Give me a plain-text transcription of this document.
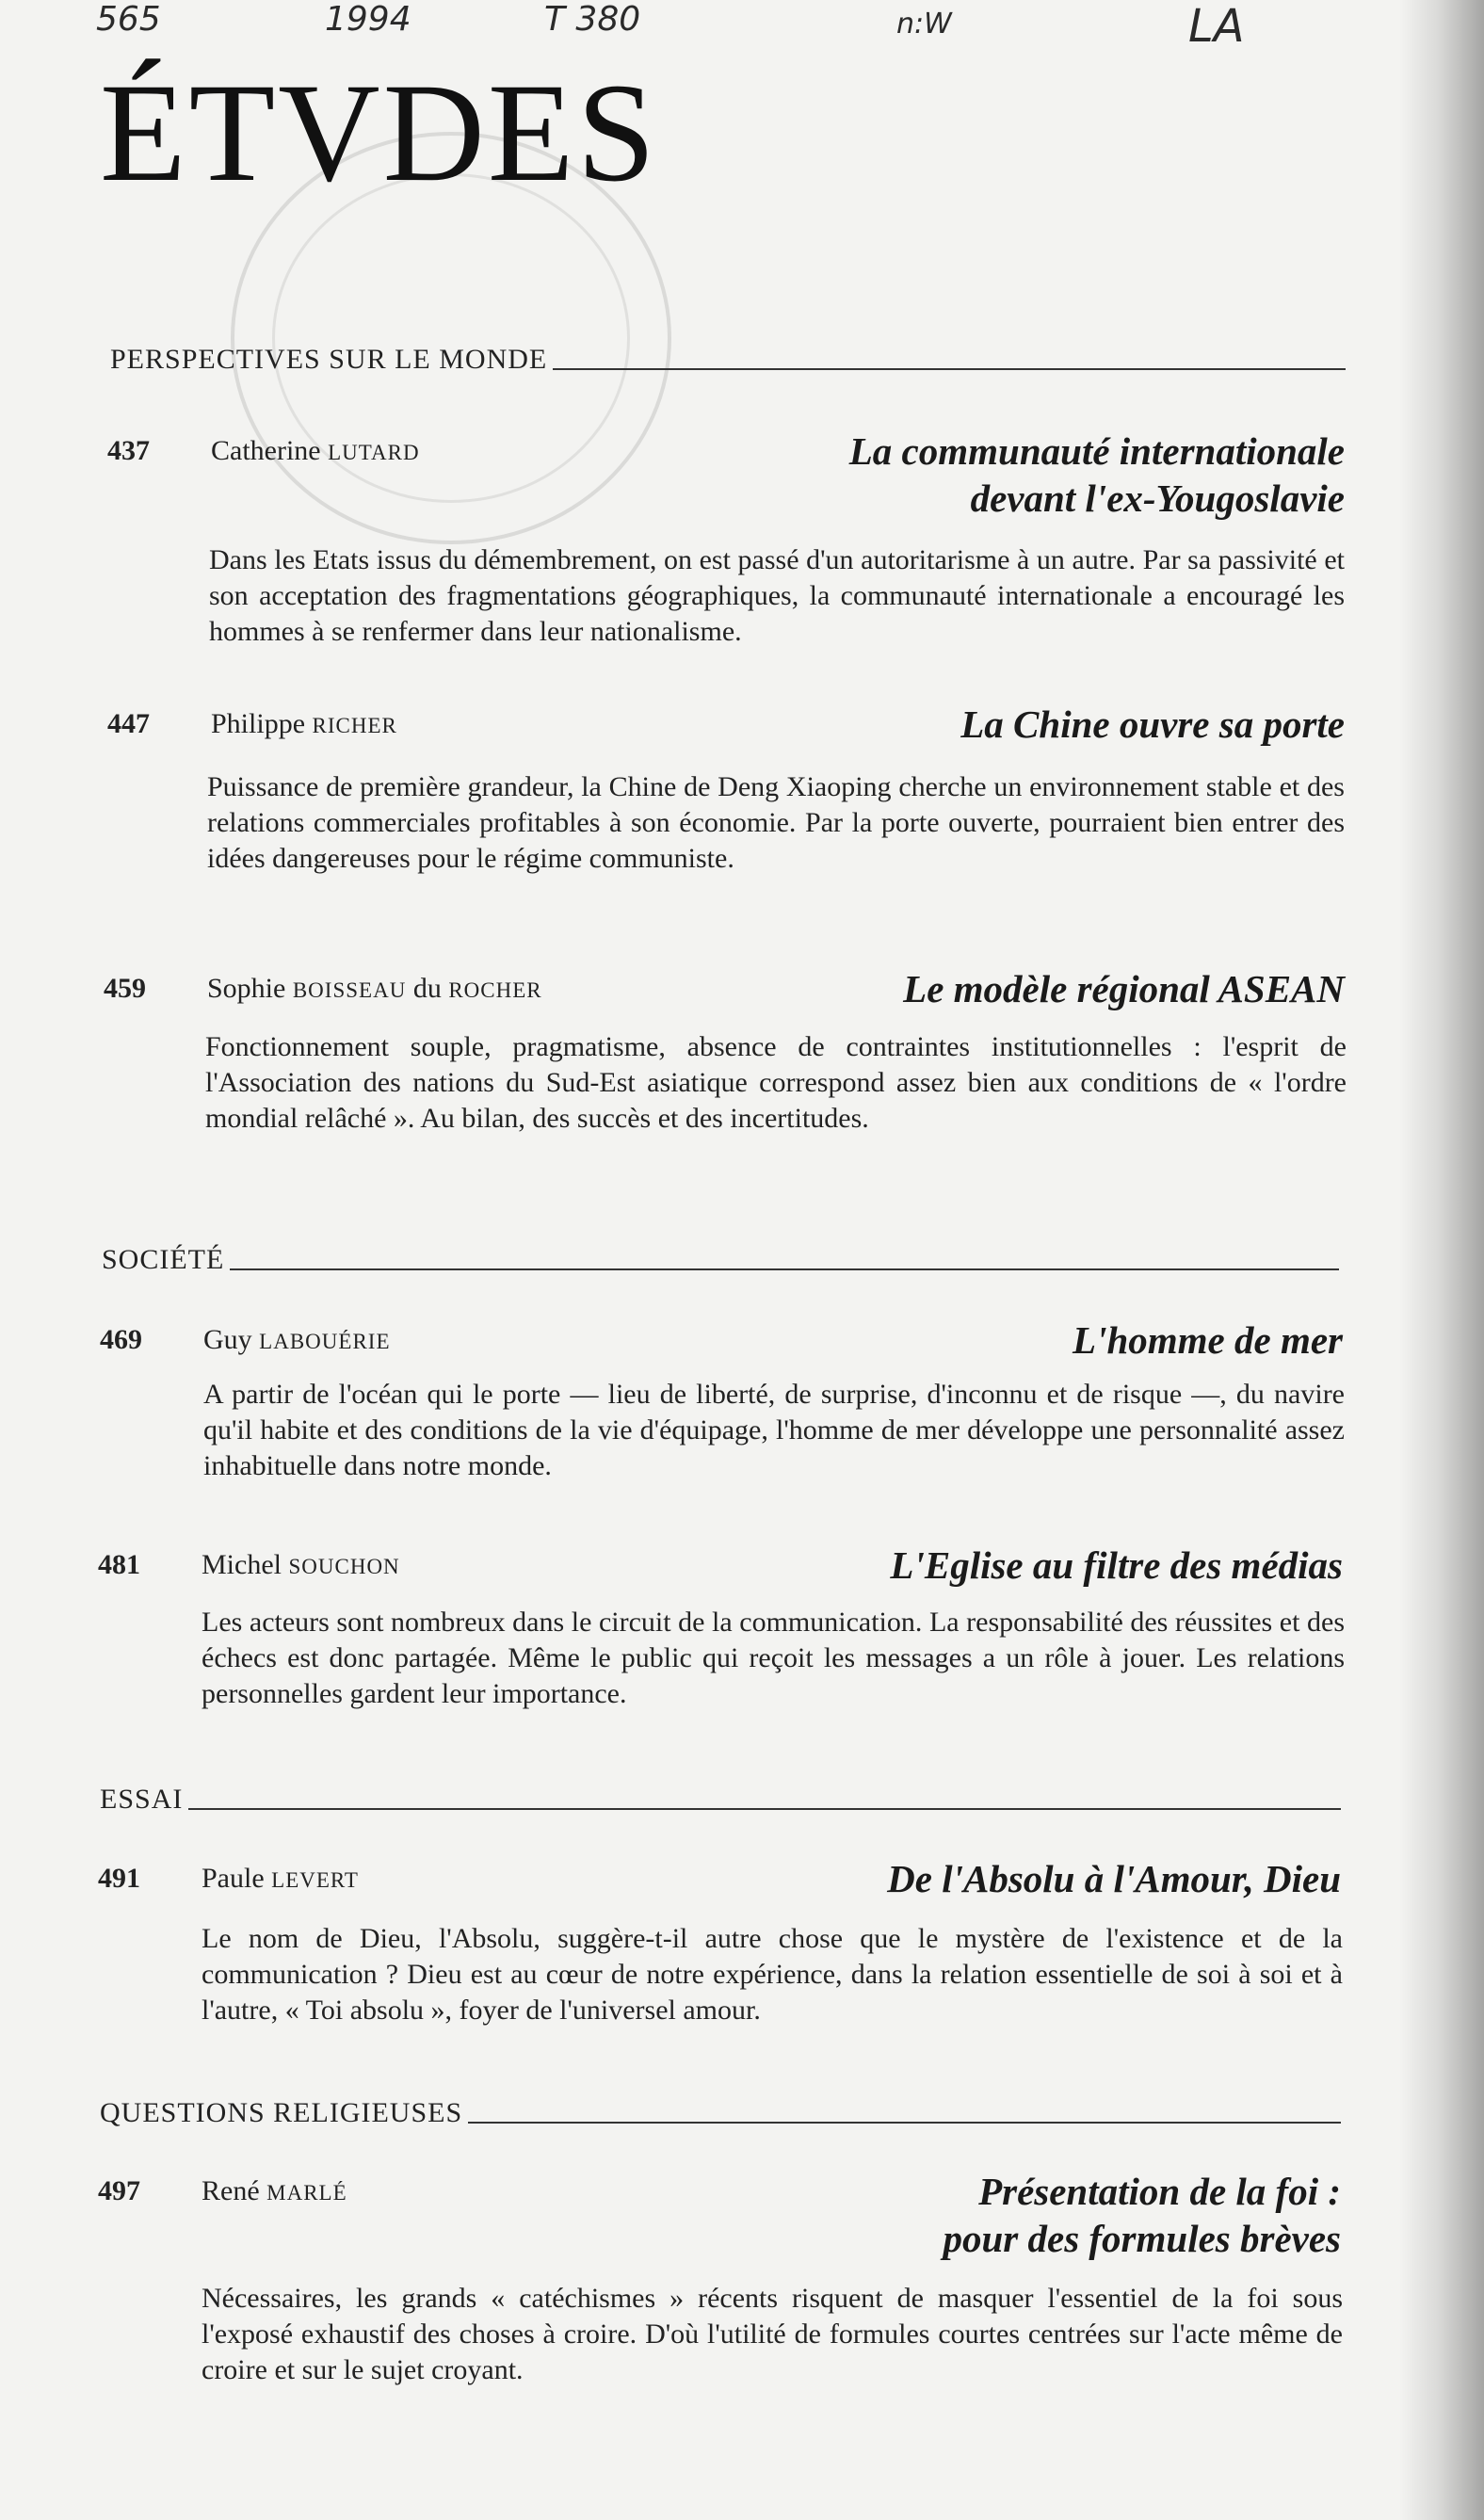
565	1994	T 380	n:W	LA
ÉTVDES
PERSPECTIVES SUR LE MONDE
437 Catherine LUTARD	La communauté internationale
devant l'ex-Yougoslavie

Dans les Etats issus du démembrement, on est passé d'un autoritarisme à un autre. Par sa passivité et son acceptation des fragmentations géographiques, la communauté internationale a encouragé les hommes à se renfermer dans leur nationalisme.

447 Philippe RICHER	La Chine ouvre sa porte

Puissance de première grandeur, la Chine de Deng Xiaoping cherche un environnement stable et des relations commerciales profitables à son économie. Par la porte ouverte, pourraient bien entrer des idées dangereuses pour le régime communiste.

459 Sophie BOISSEAU du ROCHER	Le modèle régional ASEAN

Fonctionnement souple, pragmatisme, absence de contraintes institutionnelles : l'esprit de l'Association des nations du Sud-Est asiatique correspond assez bien aux conditions de « l'ordre mondial relâché ». Au bilan, des succès et des incertitudes.

SOCIÉTÉ
469 Guy LABOUÉRIE	L'homme de mer

A partir de l'océan qui le porte — lieu de liberté, de surprise, d'inconnu et de risque —, du navire qu'il habite et des conditions de la vie d'équipage, l'homme de mer développe une personnalité assez inhabituelle dans notre monde.

481 Michel SOUCHON	L'Eglise au filtre des médias

Les acteurs sont nombreux dans le circuit de la communication. La responsabilité des réussites et des échecs est donc partagée. Même le public qui reçoit les messages a un rôle à jouer. Les relations personnelles gardent leur importance.

ESSAI
491 Paule LEVERT	De l'Absolu à l'Amour, Dieu

Le nom de Dieu, l'Absolu, suggère-t-il autre chose que le mystère de l'existence et de la communication ? Dieu est au cœur de notre expérience, dans la relation essentielle de soi à soi et à l'autre, « Toi absolu », foyer de l'universel amour.

QUESTIONS RELIGIEUSES
497 René MARLÉ	Présentation de la foi :
pour des formules brèves

Nécessaires, les grands « catéchismes » récents risquent de masquer l'essentiel de la foi sous l'exposé exhaustif des choses à croire. D'où l'utilité de formules courtes centrées sur l'acte même de croire et sur le sujet croyant.
